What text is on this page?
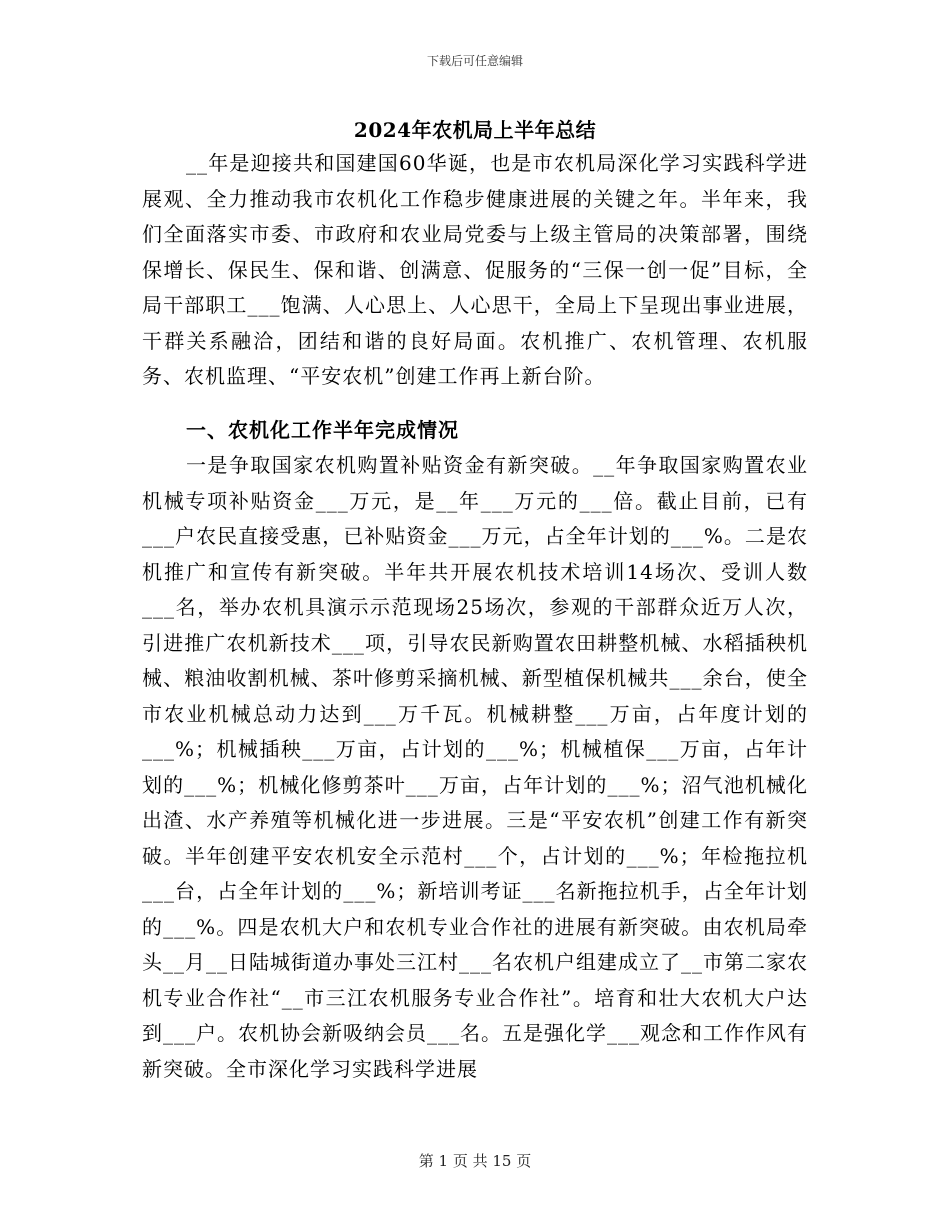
下载后可任意编辑
2024年农机局上半年总结
__年是迎接共和国建国60华诞，也是市农机局深化学习实践科学进展观、全力推动我市农机化工作稳步健康进展的关键之年。半年来，我们全面落实市委、市政府和农业局党委与上级主管局的决策部署，围绕保增长、保民生、保和谐、创满意、促服务的“三保一创一促”目标，全局干部职工___饱满、人心思上、人心思干，全局上下呈现出事业进展，干群关系融洽，团结和谐的良好局面。农机推广、农机管理、农机服务、农机监理、“平安农机”创建工作再上新台阶。
一、农机化工作半年完成情况
一是争取国家农机购置补贴资金有新突破。__年争取国家购置农业机械专项补贴资金___万元，是__年___万元的___倍。截止目前，已有___户农民直接受惠，已补贴资金___万元，占全年计划的___%。二是农机推广和宣传有新突破。半年共开展农机技术培训14场次、受训人数___名，举办农机具演示示范现场25场次，参观的干部群众近万人次，引进推广农机新技术___项，引导农民新购置农田耕整机械、水稻插秧机械、粮油收割机械、茶叶修剪采摘机械、新型植保机械共___余台，使全市农业机械总动力达到___万千瓦。机械耕整___万亩，占年度计划的___%；机械插秧___万亩，占计划的___%；机械植保___万亩，占年计划的___%；机械化修剪茶叶___万亩，占年计划的___%；沼气池机械化出渣、水产养殖等机械化进一步进展。三是“平安农机”创建工作有新突破。半年创建平安农机安全示范村___个，占计划的___%；年检拖拉机___台，占全年计划的___%；新培训考证___名新拖拉机手，占全年计划的___%。四是农机大户和农机专业合作社的进展有新突破。由农机局牵头__月__日陆城街道办事处三江村___名农机户组建成立了__市第二家农机专业合作社“__市三江农机服务专业合作社”。培育和壮大农机大户达到___户。农机协会新吸纳会员___名。五是强化学___观念和工作作风有新突破。全市深化学习实践科学进展
第 1 页 共 15 页
